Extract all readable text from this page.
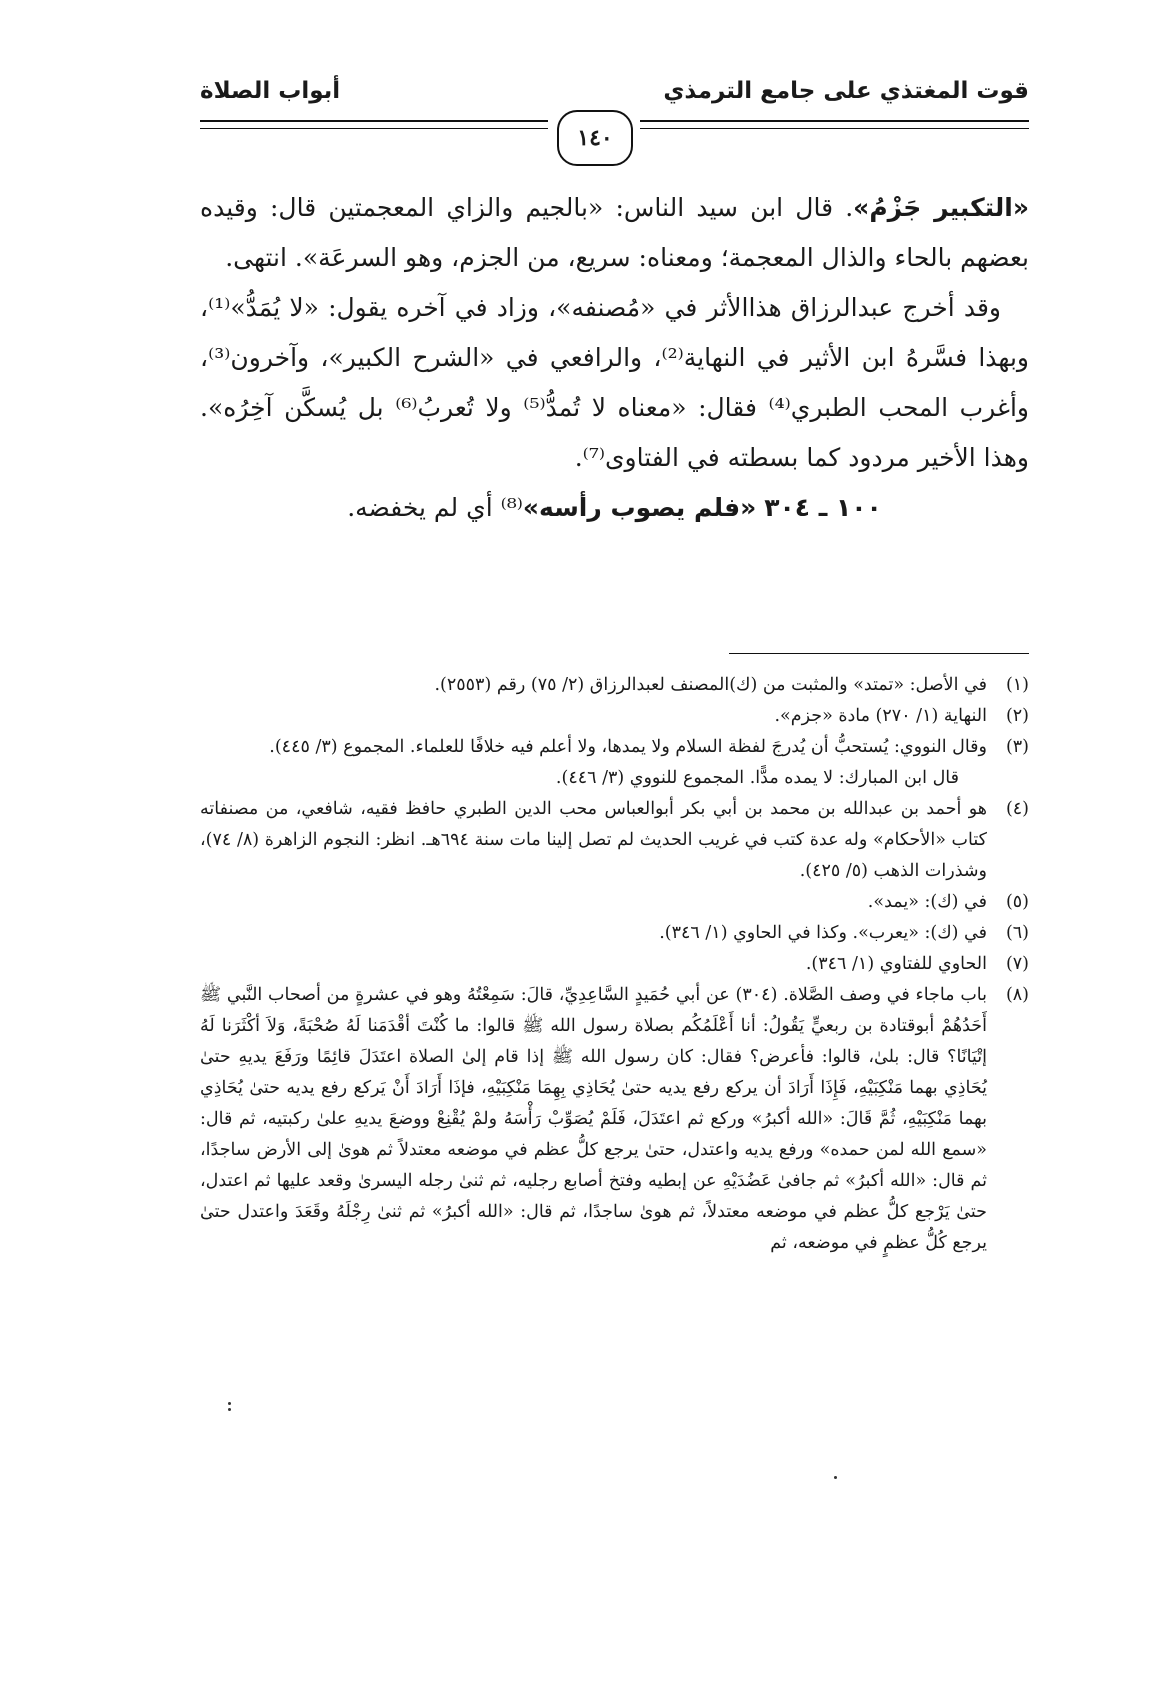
قوت المغتذي على جامع الترمذي
أبواب الصلاة
١٤٠

«التكبير جَزْمُ». قال ابن سيد الناس: «بالجيم والزاي المعجمتين قال: وقيده بعضهم بالحاء والذال المعجمة؛ ومعناه: سريع، من الجزم، وهو السرعَة». انتهى.

وقد أخرج عبدالرزاق هذاالأثر في «مُصنفه»، وزاد في آخره يقول: «لا يُمَدُّ»⁽¹⁾، وبهذا فسَّرهُ ابن الأثير في النهاية⁽²⁾، والرافعي في «الشرح الكبير»، وآخرون⁽³⁾، وأغرب المحب الطبري⁽⁴⁾ فقال: «معناه لا تُمدُّ⁽⁵⁾ ولا تُعربُ⁽⁶⁾ بل يُسكَّن آخِرُه». وهذا الأخير مردود كما بسطته في الفتاوى⁽⁷⁾.

١٠٠ ـ ٣٠٤ «فلم يصوب رأسه»⁽⁸⁾ أي لم يخفضه.

(١)
في الأصل: «تمتد» والمثبت من (ك)المصنف لعبدالرزاق (٢/ ٧٥) رقم (٢٥٥٣).
(٢)
النهاية (١/ ٢٧٠) مادة «جزم».
(٣)
وقال النووي: يُستحبُّ أن يُدرجَ لفظة السلام ولا يمدها، ولا أعلم فيه خلافًا للعلماء. المجموع (٣/ ٤٤٥).
قال ابن المبارك: لا يمده مدًّا. المجموع للنووي (٣/ ٤٤٦).
(٤)
هو أحمد بن عبدالله بن محمد بن أبي بكر أبوالعباس محب الدين الطبري حافظ فقيه، شافعي، من مصنفاته كتاب «الأحكام» وله عدة كتب في غريب الحديث لم تصل إلينا مات سنة ٦٩٤هـ. انظر: النجوم الزاهرة (٨/ ٧٤)، وشذرات الذهب (٥/ ٤٢٥).
(٥)
في (ك): «يمد».
(٦)
في (ك): «يعرب». وكذا في الحاوي (١/ ٣٤٦).
(٧)
الحاوي للفتاوي (١/ ٣٤٦).
(٨)
باب ماجاء في وصف الصَّلاة. (٣٠٤) عن أبي حُمَيدٍ السَّاعِدِيِّ، قالَ: سَمِعْتُهُ وهو في عشرةٍ من أصحاب النَّبي ﷺ أَحَدُهُمْ أبوقتادة بن ربعيٍّ يَقُولُ: أنا أَعْلَمُكُم بصلاة رسول الله ﷺ قالوا: ما كُنْتَ أقْدَمَنا لَهُ صُحْبَةً، وَلاَ أكْثَرَنا لَهُ إتْيَانًا؟ قال: بلىٰ، قالوا: فأعرض؟ فقال: كان رسول الله ﷺ إذا قام إلىٰ الصلاة اعتَدَلَ قائِمًا ورَفَعَ يديهِ حتىٰ يُحَاذِي بهما مَنْكِبَيْهِ، فَإِذَا أَرَادَ أن يركع رفع يديه حتىٰ يُحَاذِي بِهِمَا مَنْكِبَيْهِ، فإذَا أَرَادَ أَنْ يَركع رفع يديه حتىٰ يُحَاذِي بهما مَنْكِبَيْهِ، ثُمَّ قَالَ: «الله أكبرُ» وركع ثم اعتَدَلَ، فَلَمْ يُصَوِّبْ رَأْسَهُ ولمْ يُقْنِعْ ووضعَ يديهِ علىٰ ركبتيه، ثم قال: «سمع الله لمن حمده» ورفع يديه واعتدل، حتىٰ يرجع كلُّ عظم في موضعه معتدلاً ثم هوىٰ إلى الأرض ساجدًا، ثم قال: «الله أكبرُ» ثم جافىٰ عَضُدَيْهِ عن إبطيه وفتخ أصابع رجليه، ثم ثنىٰ رجله اليسرىٰ وقعد عليها ثم اعتدل، حتىٰ يَرْجع كلُّ عظم في موضعه معتدلاً، ثم هوىٰ ساجدًا، ثم قال: «الله أكبرُ» ثم ثنىٰ رِجْلَهُ وقَعَدَ واعتدل حتىٰ يرجع كُلُّ عظمٍ في موضعه، ثم
